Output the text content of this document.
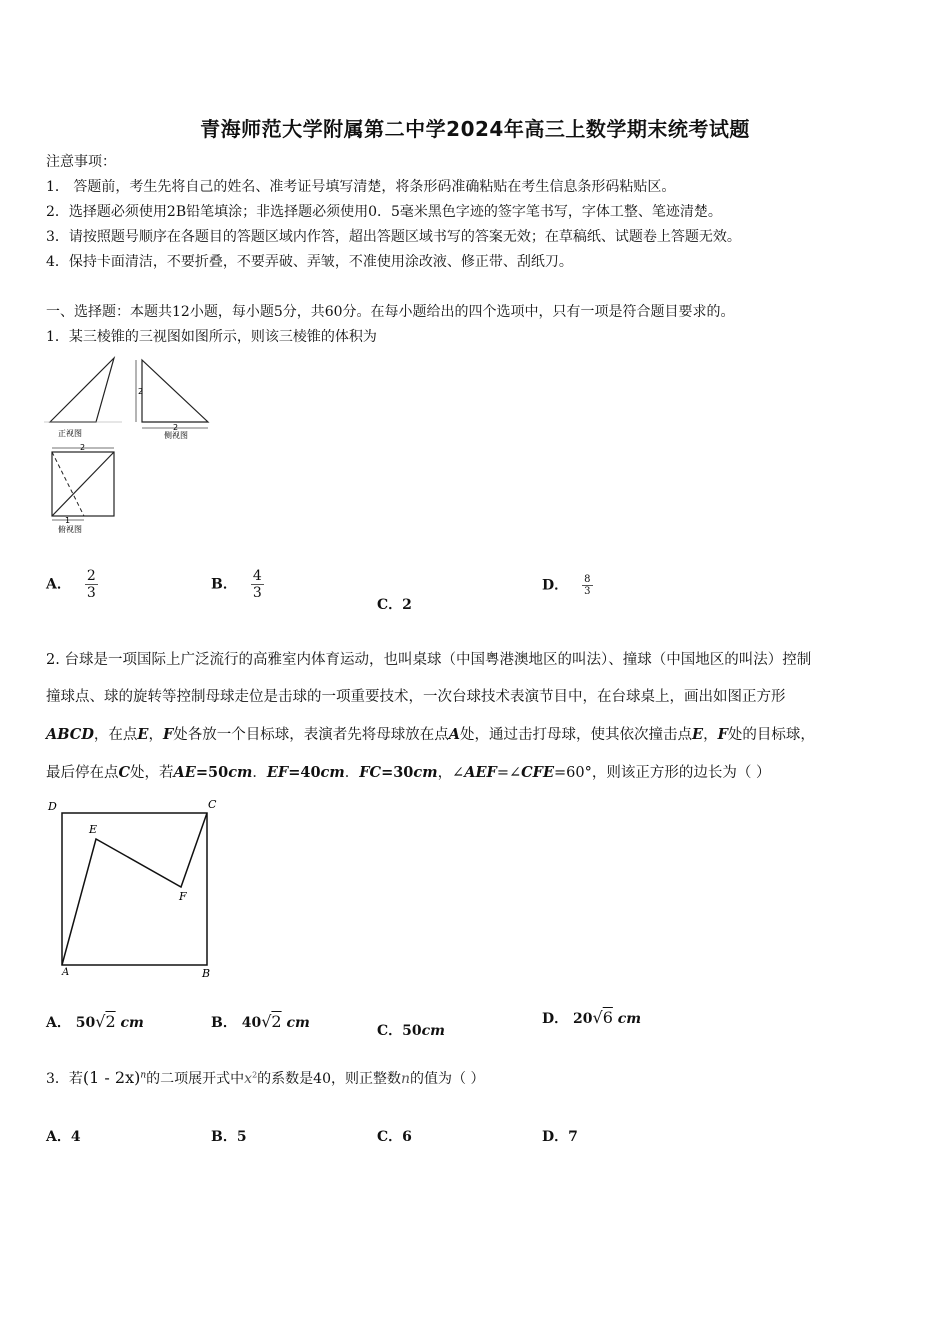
青海师范大学附属第二中学2024年高三上数学期末统考试题
注意事项：
1． 答题前，考生先将自己的姓名、准考证号填写清楚，将条形码准确粘贴在考生信息条形码粘贴区。
2．选择题必须使用2B铅笔填涂；非选择题必须使用0．5毫米黑色字迹的签字笔书写，字体工整、笔迹清楚。
3．请按照题号顺序在各题目的答题区域内作答，超出答题区域书写的答案无效；在草稿纸、试题卷上答题无效。
4．保持卡面清洁，不要折叠，不要弄破、弄皱，不准使用涂改液、修正带、刮纸刀。
一、选择题：本题共12小题，每小题5分，共60分。在每小题给出的四个选项中，只有一项是符合题目要求的。
1．某三棱锥的三视图如图所示，则该三棱锥的体积为
正视图
2
2
侧视图
2
1
俯视图
A． $\frac{2}{3}$	B． $\frac{4}{3}$
C．2
D． $\frac{8}{3}$
2. 台球是一项国际上广泛流行的高雅室内体育运动，也叫桌球（中国粤港澳地区的叫法）、撞球（中国地区的叫法）控制
撞球点、球的旋转等控制母球走位是击球的一项重要技术，一次台球技术表演节目中，在台球桌上，画出如图正方形
ABCD，在点E，F处各放一个目标球，表演者先将母球放在点A处，通过击打母球，使其依次撞击点E，F处的目标球，
最后停在点C处，若AE=50cm．EF=40cm．FC=30cm，∠AEF=∠CFE=60°，则该正方形的边长为（ ）
D	C
E
F
A	B
A． 50√2 cm	B． 40√2 cm	C．50cm
D． 20√6 cm
3．若(1 - 2x)$^n$的二项展开式中$x^2$的系数是40，则正整数n的值为（ ）
A．4	B．5	C．6	D．7
